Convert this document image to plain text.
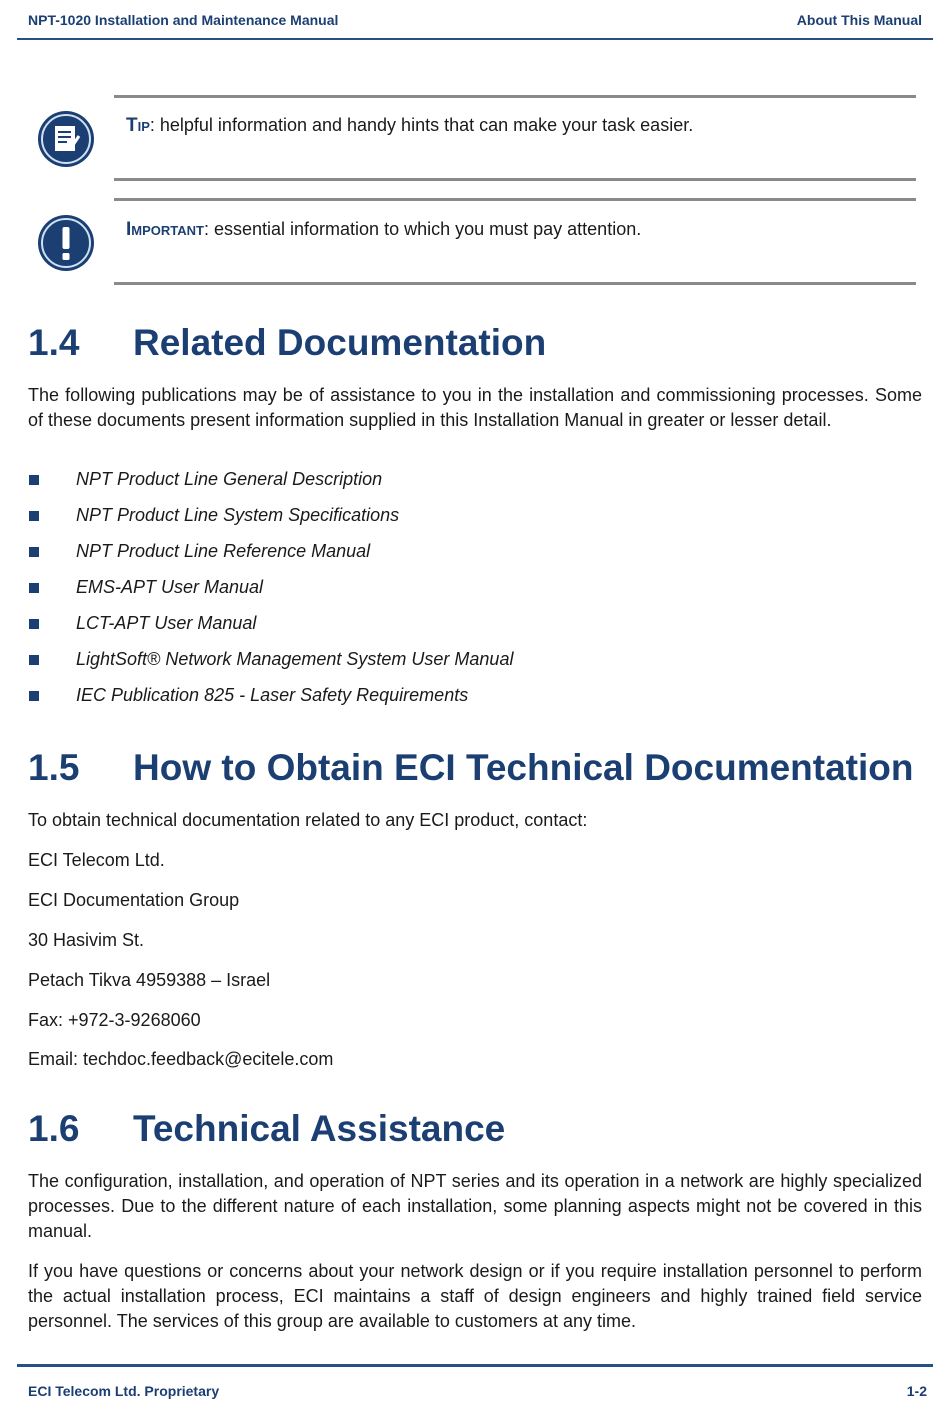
NPT-1020 Installation and Maintenance Manual	About This Manual
Tip: helpful information and handy hints that can make your task easier.
Important: essential information to which you must pay attention.
1.4 Related Documentation
The following publications may be of assistance to you in the installation and commissioning processes. Some of these documents present information supplied in this Installation Manual in greater or lesser detail.
NPT Product Line General Description
NPT Product Line System Specifications
NPT Product Line Reference Manual
EMS-APT User Manual
LCT-APT User Manual
LightSoft® Network Management System User Manual
IEC Publication 825 - Laser Safety Requirements
1.5 How to Obtain ECI Technical Documentation
To obtain technical documentation related to any ECI product, contact:
ECI Telecom Ltd.
ECI Documentation Group
30 Hasivim St.
Petach Tikva 4959388 – Israel
Fax: +972-3-9268060
Email: techdoc.feedback@ecitele.com
1.6 Technical Assistance
The configuration, installation, and operation of NPT series and its operation in a network are highly specialized processes. Due to the different nature of each installation, some planning aspects might not be covered in this manual.
If you have questions or concerns about your network design or if you require installation personnel to perform the actual installation process, ECI maintains a staff of design engineers and highly trained field service personnel. The services of this group are available to customers at any time.
ECI Telecom Ltd. Proprietary	1-2
